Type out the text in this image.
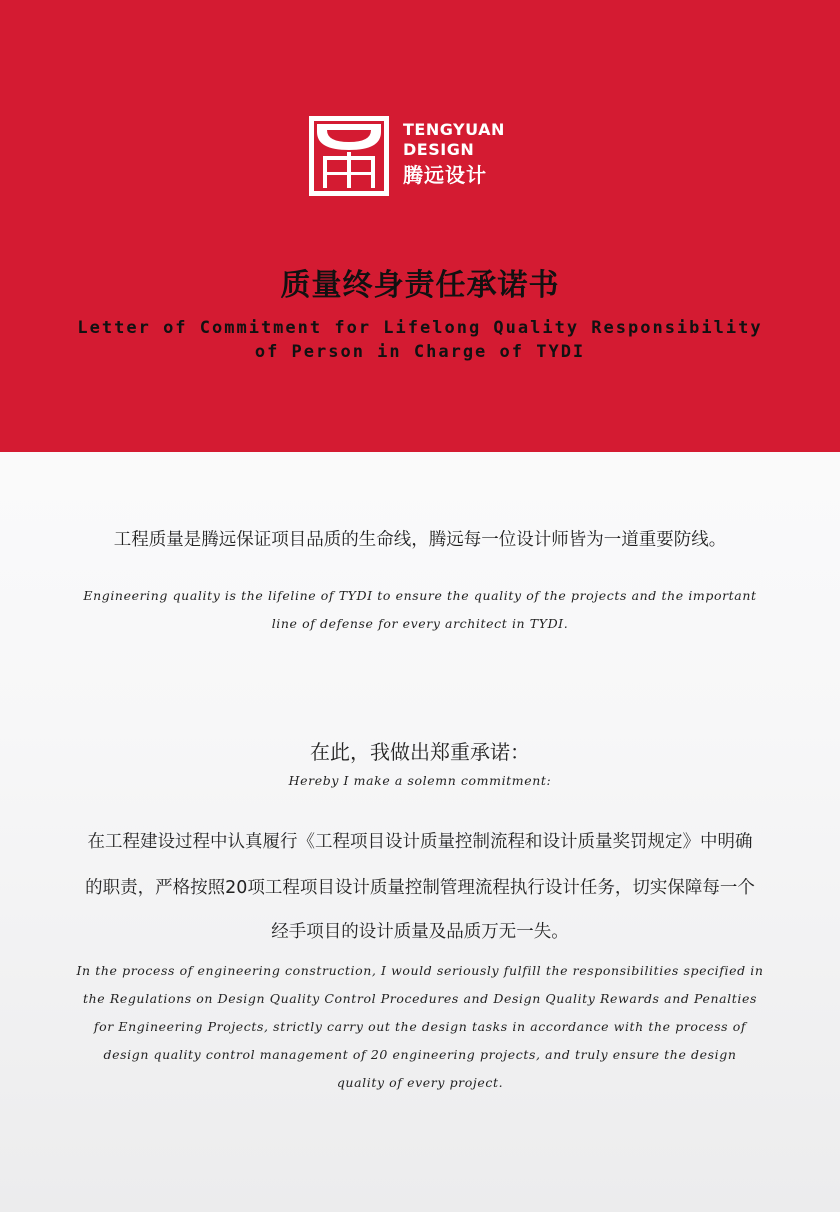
TENGYUAN
DESIGN
腾远设计
质量终身责任承诺书
Letter of Commitment for Lifelong Quality Responsibility
of Person in Charge of TYDI
工程质量是腾远保证项目品质的生命线，腾远每一位设计师皆为一道重要防线。
Engineering quality is the lifeline of TYDI to ensure the quality of the projects and the important
line of defense for every architect in TYDI.
在此，我做出郑重承诺：
Hereby I make a solemn commitment:
在工程建设过程中认真履行《工程项目设计质量控制流程和设计质量奖罚规定》中明确
的职责，严格按照20项工程项目设计质量控制管理流程执行设计任务，切实保障每一个
经手项目的设计质量及品质万无一失。
In the process of engineering construction, I would seriously fulfill the responsibilities specified in
the Regulations on Design Quality Control Procedures and Design Quality Rewards and Penalties
for Engineering Projects, strictly carry out the design tasks in accordance with the process of
design quality control management of 20 engineering projects, and truly ensure the design
quality of every project.
